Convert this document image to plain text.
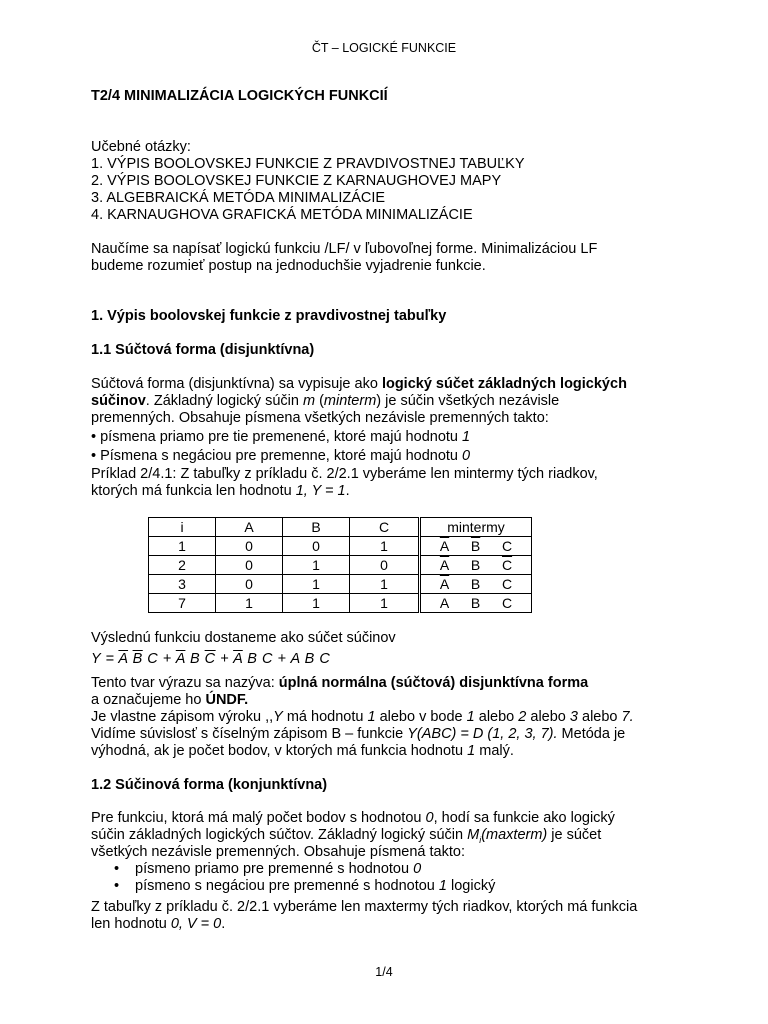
ČT – LOGICKÉ FUNKCIE
T2/4 MINIMALIZÁCIA LOGICKÝCH FUNKCIÍ
Učebné otázky:
1. VÝPIS BOOLOVSKEJ FUNKCIE Z PRAVDIVOSTNEJ TABUĽKY
2. VÝPIS BOOLOVSKEJ FUNKCIE Z KARNAUGHOVEJ MAPY
3. ALGEBRAICKÁ METÓDA MINIMALIZÁCIE
4. KARNAUGHOVA GRAFICKÁ METÓDA MINIMALIZÁCIE
Naučíme sa napísať logickú funkciu /LF/ v ľubovoľnej forme. Minimalizáciou LF
budeme rozumieť postup na jednoduchšie vyjadrenie funkcie.
1. Výpis boolovskej funkcie z pravdivostnej tabuľky
1.1 Súčtová forma (disjunktívna)
Súčtová forma (disjunktívna) sa vypisuje ako logický súčet základných logických
súčinov. Základný logický súčin m (minterm) je súčin všetkých nezávisle
premenných. Obsahuje písmena všetkých nezávisle premenných takto:
• písmena priamo pre tie premenené, ktoré majú hodnotu 1
• Písmena s negáciou pre premenne, ktoré majú hodnotu 0
Príklad 2/4.1: Z tabuľky z príkladu č. 2/2.1 vyberáme len mintermy tých riadkov,
ktorých má funkcia len hodnotu 1, Y = 1.
i	A	B	C	mintermy
1	0	0	1	$\overline{A}$ $\overline{B}$ C

2	0	1	0	$\overline{A}$ B $\overline{C}$

3	0	1	1	$\overline{A}$ B C

7	1	1	1	A B C
Výslednú funkciu dostaneme ako súčet súčinov
$Y = \overline{A}$ $\overline{B}$ $C + \overline{A}$ B $\overline{C} + \overline{A}$ B C + A B C
Tento tvar výrazu sa nazýva: úplná normálna (súčtová) disjunktívna forma
a označujeme ho ÚNDF.
Je vlastne zápisom výroku ,,Y má hodnotu 1 alebo v bode 1 alebo 2 alebo 3 alebo 7.
Vidíme súvislosť s číselným zápisom B – funkcie Y(ABC) = D (1, 2, 3, 7). Metóda je
výhodná, ak je počet bodov, v ktorých má funkcia hodnotu 1 malý.
1.2 Súčinová forma (konjunktívna)
Pre funkciu, ktorá má malý počet bodov s hodnotou 0, hodí sa funkcie ako logický
súčin základných logických súčtov. Základný logický súčin $M_i(maxterm)$ je súčet
všetkých nezávisle premenných. Obsahuje písmená takto:
• písmeno priamo pre premenné s hodnotou 0
• písmeno s negáciou pre premenné s hodnotou 1 logický
Z tabuľky z príkladu č. 2/2.1 vyberáme len maxtermy tých riadkov, ktorých má funkcia
len hodnotu 0, V = 0.
1/4
